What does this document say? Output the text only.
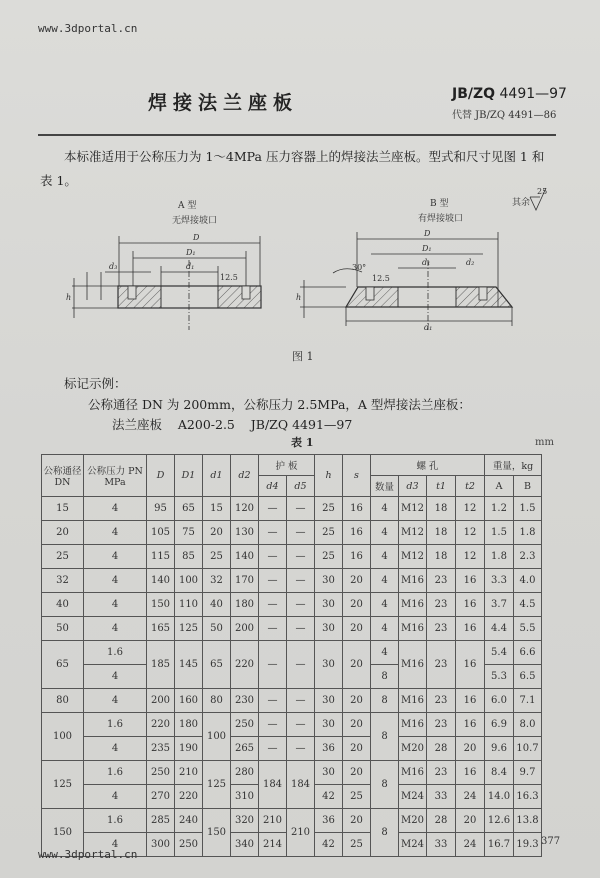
www.3dportal.cn
焊接法兰座板	JB/ZQ 4491—97
代替 JB/ZQ 4491—86
本标准适用于公称压力为 1～4MPa 压力容器上的焊接法兰座板。型式和尺寸见图 1 和
表 1。
A 型
无焊接坡口
B 型
有焊接坡口
其余
25
D
D₁
d₁
d₃
12.5
h
D
D₁
d₁	d₂
d₁
30°
12.5
h
图 1
标记示例：
公称通径 DN 为 200mm，公称压力 2.5MPa，A 型焊接法兰座板：
法兰座板    A200-2.5    JB/ZQ 4491—97
表 1	mm
公称通径 DN	公称压力 PN MPa	D	D1	d1	d2	护 板		h	s	螺 孔				重量，kg	
						d4	d5			数量	d3	t1	t2	A	B
15	4	95	65	15	120	—	—	25	16	4	M12	18	12	1.2	1.5
20	4	105	75	20	130	—	—	25	16	4	M12	18	12	1.5	1.8
25	4	115	85	25	140	—	—	25	16	4	M12	18	12	1.8	2.3
32	4	140	100	32	170	—	—	30	20	4	M16	23	16	3.3	4.0
40	4	150	110	40	180	—	—	30	20	4	M16	23	16	3.7	4.5
50	4	165	125	50	200	—	—	30	20	4	M16	23	16	4.4	5.5
65	1.6	185	145	65	220	—	—	30	20	4	M16	23	16	5.4	6.6
	4									8				5.3	6.5
80	4	200	160	80	230	—	—	30	20	8	M16	23	16	6.0	7.1
100	1.6	220	180	100	250	—	—	30	20	8	M16	23	16	6.9	8.0
	4	235	190		265	—	—	36	20		M20	28	20	9.6	10.7
125	1.6	250	210	125	280	184	184	30	20	8	M16	23	16	8.4	9.7
	4	270	220		310			42	25		M24	33	24	14.0	16.3
150	1.6	285	240	150	320	210	210	36	20	8	M20	28	20	12.6	13.8
	4	300	250		340	214		42	25		M24	33	24	16.7	19.3 377
www.3dportal.cn
